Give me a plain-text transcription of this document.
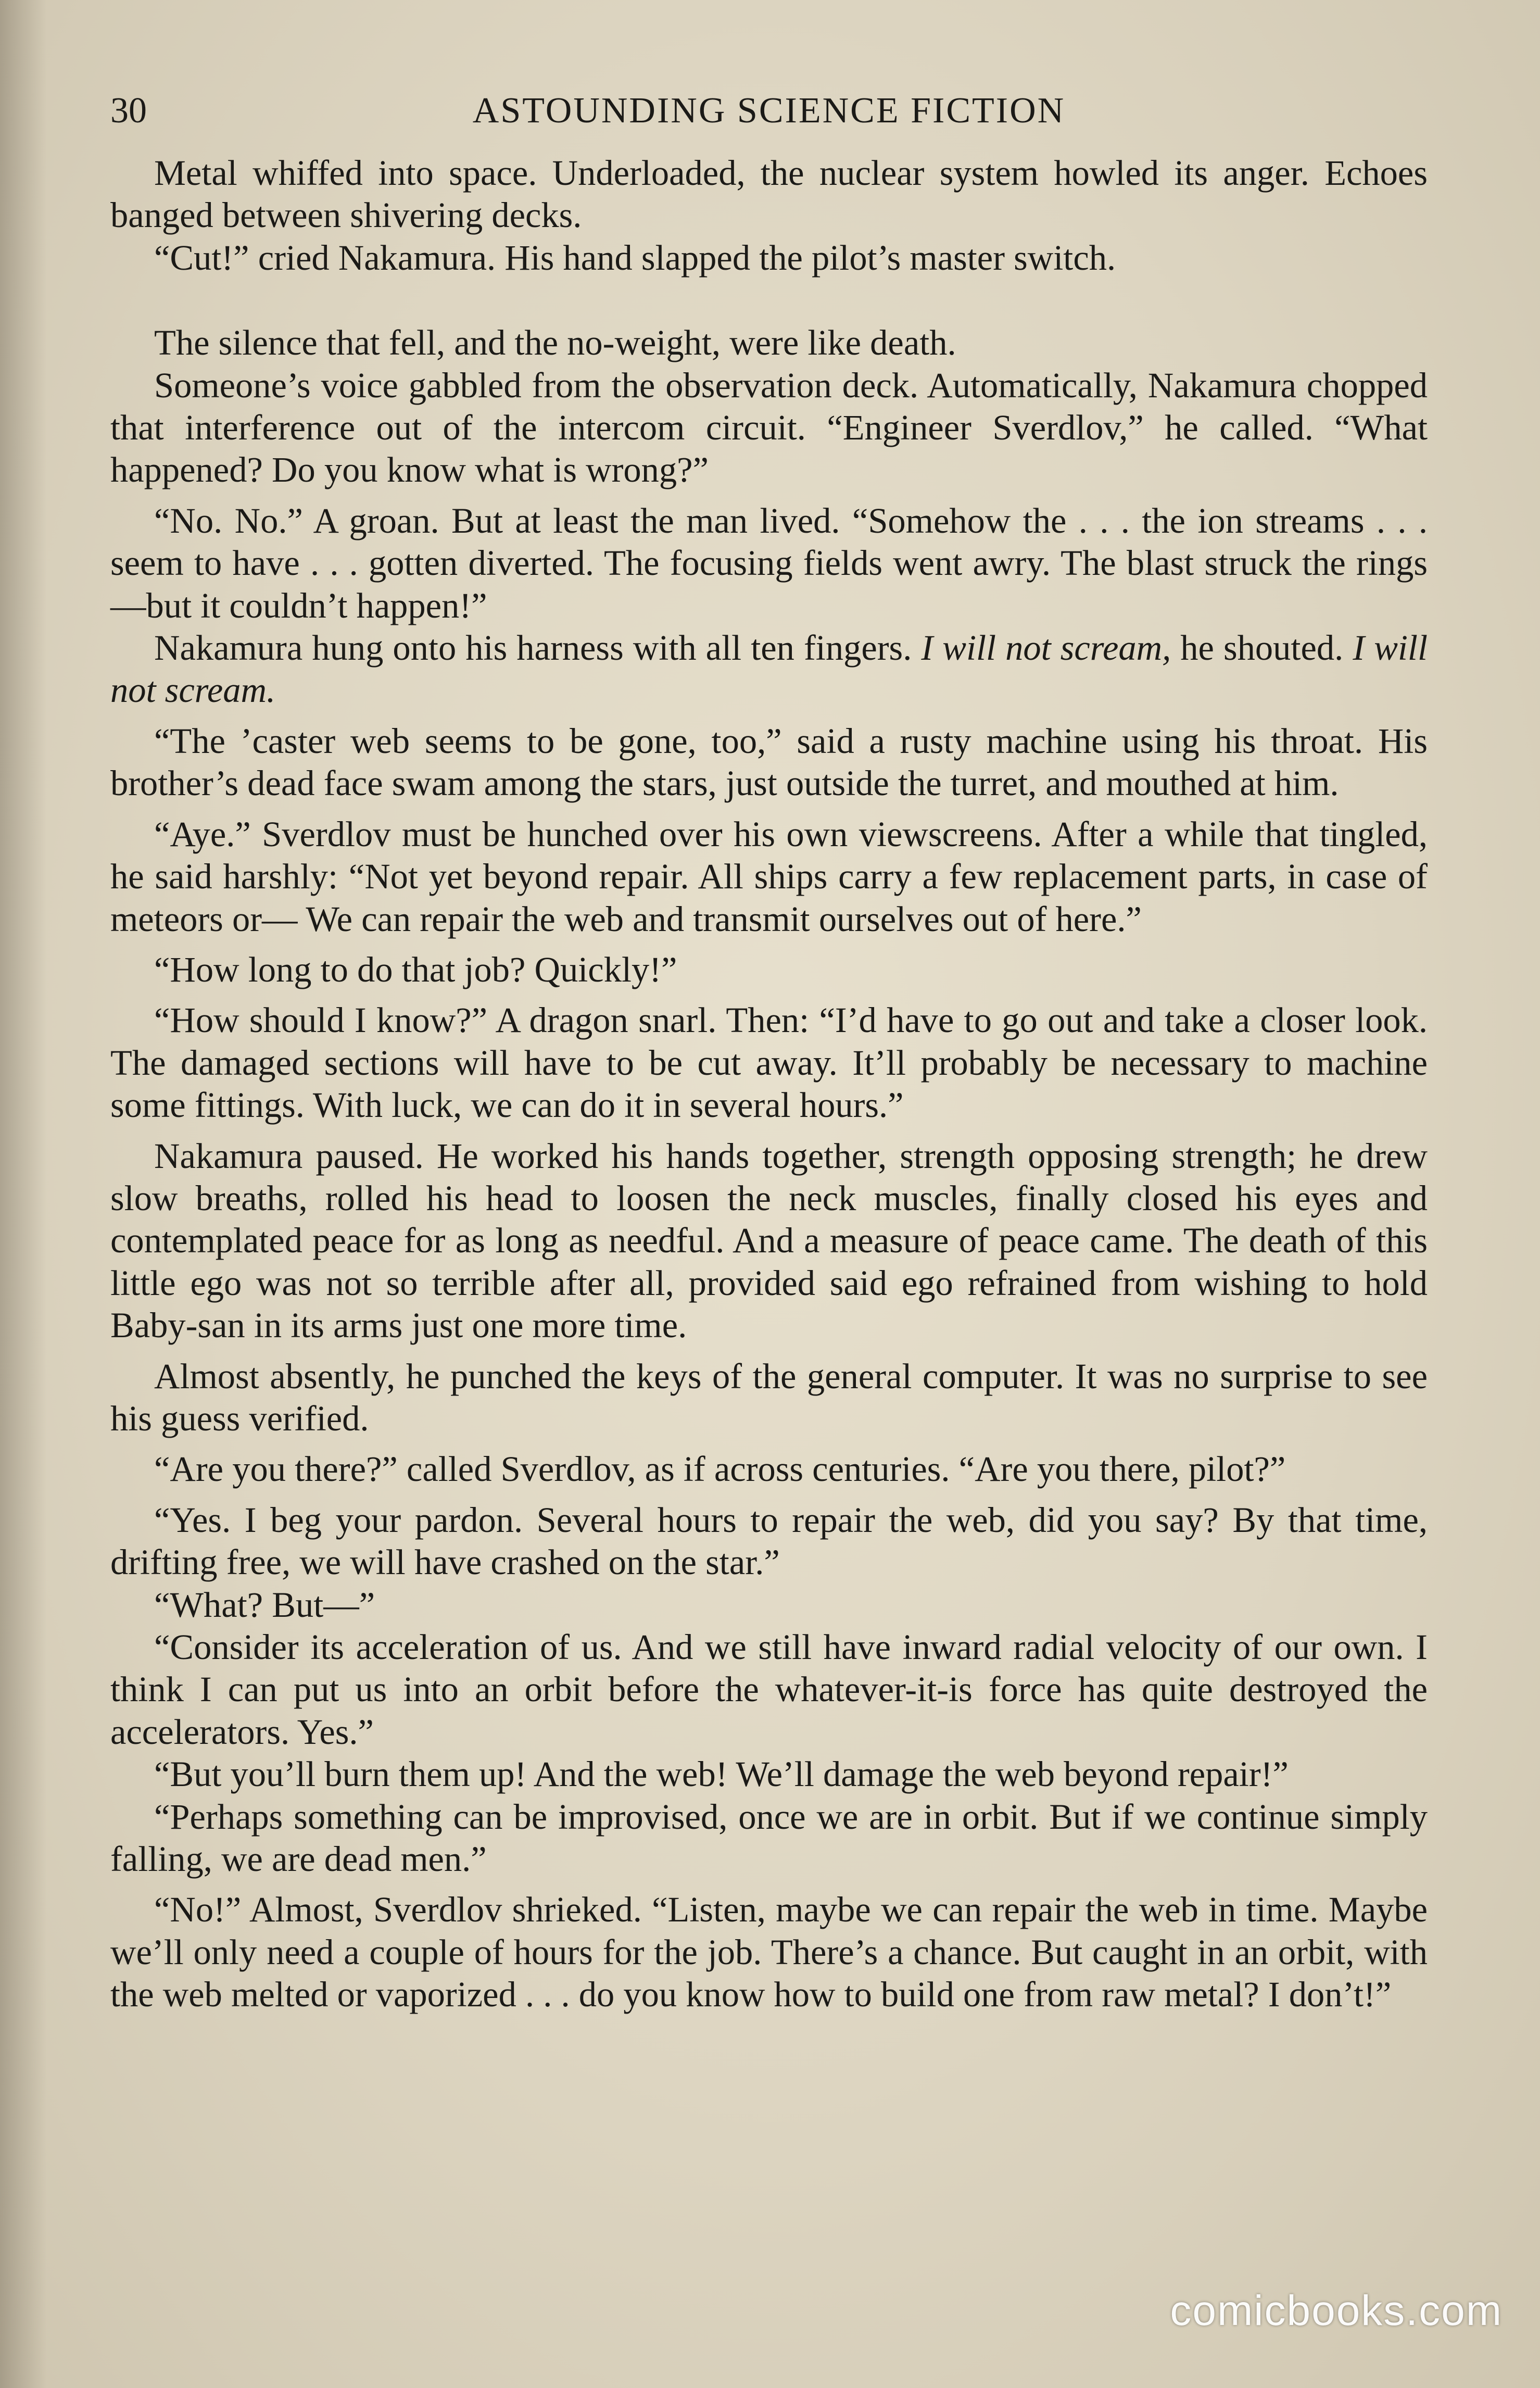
30	ASTOUNDING SCIENCE FICTION

Metal whiffed into space. Underloaded, the nuclear system howled its anger. Echoes banged between shivering decks.

“Cut!” cried Nakamura. His hand slapped the pilot’s master switch.

The silence that fell, and the no-weight, were like death.

Someone’s voice gabbled from the observation deck. Automatically, Nakamura chopped that interference out of the intercom circuit. “Engineer Sverdlov,” he called. “What happened? Do you know what is wrong?”

“No. No.” A groan. But at least the man lived. “Somehow the . . . the ion streams . . . seem to have . . . gotten diverted. The focusing fields went awry. The blast struck the rings—but it couldn’t happen!”

Nakamura hung onto his harness with all ten fingers. I will not scream, he shouted. I will not scream.

“The ’caster web seems to be gone, too,” said a rusty machine using his throat. His brother’s dead face swam among the stars, just outside the turret, and mouthed at him.

“Aye.” Sverdlov must be hunched over his own viewscreens. After a while that tingled, he said harshly: “Not yet beyond repair. All ships carry a few replacement parts, in case of meteors or— We can repair the web and transmit ourselves out of here.”

“How long to do that job? Quickly!”

“How should I know?” A dragon snarl. Then: “I’d have to go out and take a closer look. The damaged sections will have to be cut away. It’ll probably be necessary to machine some fittings. With luck, we can do it in several hours.”

Nakamura paused. He worked his hands together, strength opposing strength; he drew slow breaths, rolled his head to loosen the neck muscles, finally closed his eyes and contemplated peace for as long as needful. And a measure of peace came. The death of this little ego was not so terrible after all, provided said ego refrained from wishing to hold Baby-san in its arms just one more time.

Almost absently, he punched the keys of the general computer. It was no surprise to see his guess verified.

“Are you there?” called Sverdlov, as if across centuries. “Are you there, pilot?”

“Yes. I beg your pardon. Several hours to repair the web, did you say? By that time, drifting free, we will have crashed on the star.”

“What? But—”

“Consider its acceleration of us. And we still have inward radial velocity of our own. I think I can put us into an orbit before the whatever-it-is force has quite destroyed the accelerators. Yes.”

“But you’ll burn them up! And the web! We’ll damage the web beyond repair!”

“Perhaps something can be improvised, once we are in orbit. But if we continue simply falling, we are dead men.”

“No!” Almost, Sverdlov shrieked. “Listen, maybe we can repair the web in time. Maybe we’ll only need a couple of hours for the job. There’s a chance. But caught in an orbit, with the web melted or vaporized . . . do you know how to build one from raw metal? I don’t!”

comicbooks.com
